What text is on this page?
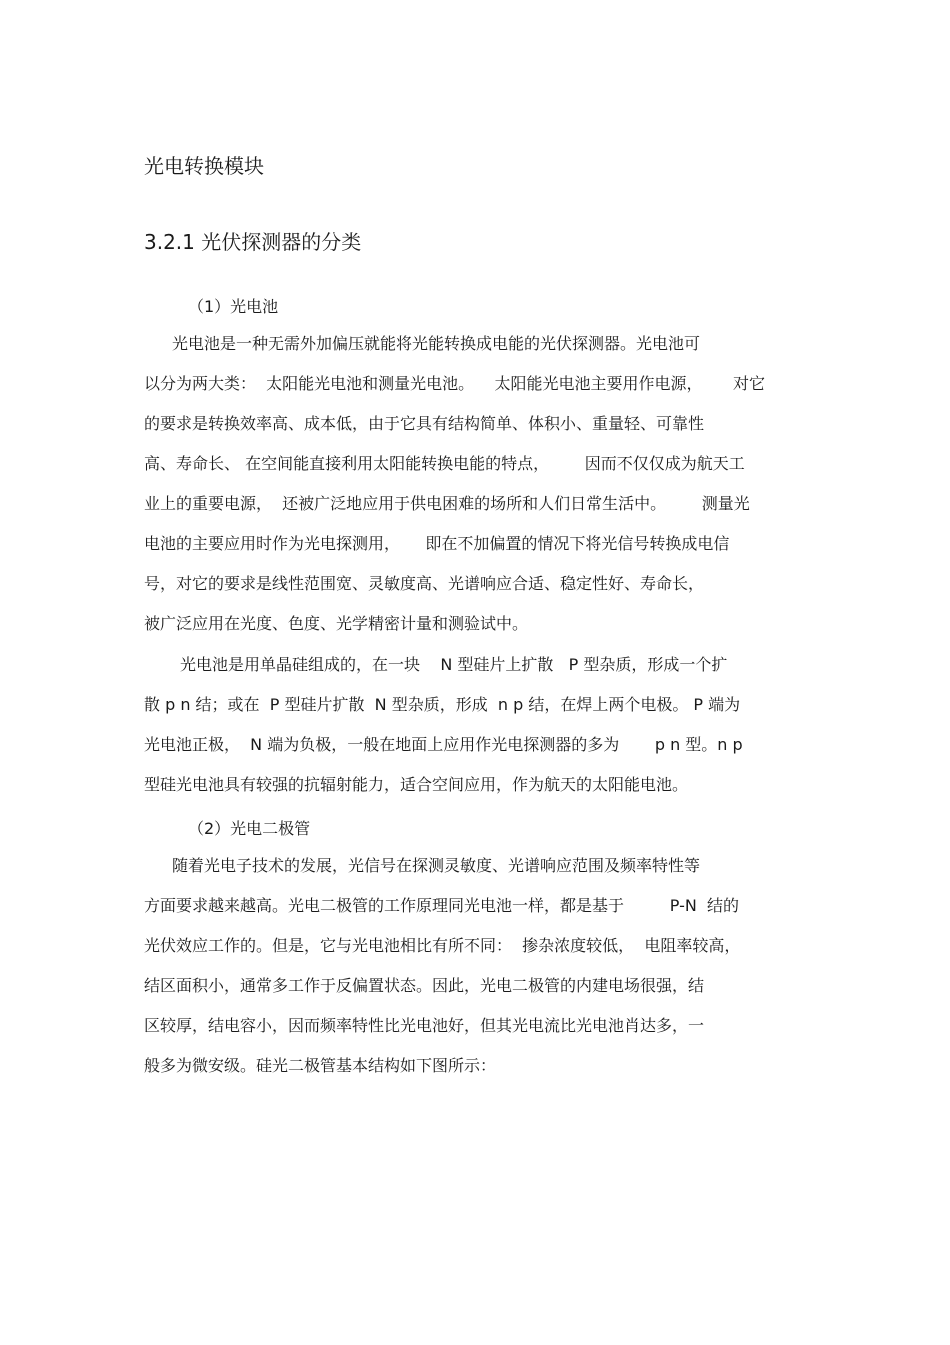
光电转换模块
3.2.1 光伏探测器的分类
（1）光电池
光电池是一种无需外加偏压就能将光能转换成电能的光伏探测器。光电池可
以分为两大类：  太阳能光电池和测量光电池。    太阳能光电池主要用作电源，      对它
的要求是转换效率高、成本低，由于它具有结构简单、体积小、重量轻、可靠性
高、寿命长、 在空间能直接利用太阳能转换电能的特点，       因而不仅仅成为航天工
业上的重要电源，  还被广泛地应用于供电困难的场所和人们日常生活中。       测量光
电池的主要应用时作为光电探测用，     即在不加偏置的情况下将光信号转换成电信
号，对它的要求是线性范围宽、灵敏度高、光谱响应合适、稳定性好、寿命长，
被广泛应用在光度、色度、光学精密计量和测验试中。
光电池是用单晶硅组成的，在一块    N 型硅片上扩散   P 型杂质，形成一个扩
散 p n 结；或在  P 型硅片扩散  N 型杂质，形成  n p 结，在焊上两个电极。 P 端为
光电池正极，  N 端为负极，一般在地面上应用作光电探测器的多为       p n 型。n p
型硅光电池具有较强的抗辐射能力，适合空间应用，作为航天的太阳能电池。
（2）光电二极管
随着光电子技术的发展，光信号在探测灵敏度、光谱响应范围及频率特性等
方面要求越来越高。光电二极管的工作原理同光电池一样，都是基于         P-N  结的
光伏效应工作的。但是，它与光电池相比有所不同：  掺杂浓度较低，  电阻率较高，
结区面积小，通常多工作于反偏置状态。因此，光电二极管的内建电场很强，结
区较厚，结电容小，因而频率特性比光电池好，但其光电流比光电池肖达多，一
般多为微安级。硅光二极管基本结构如下图所示：
